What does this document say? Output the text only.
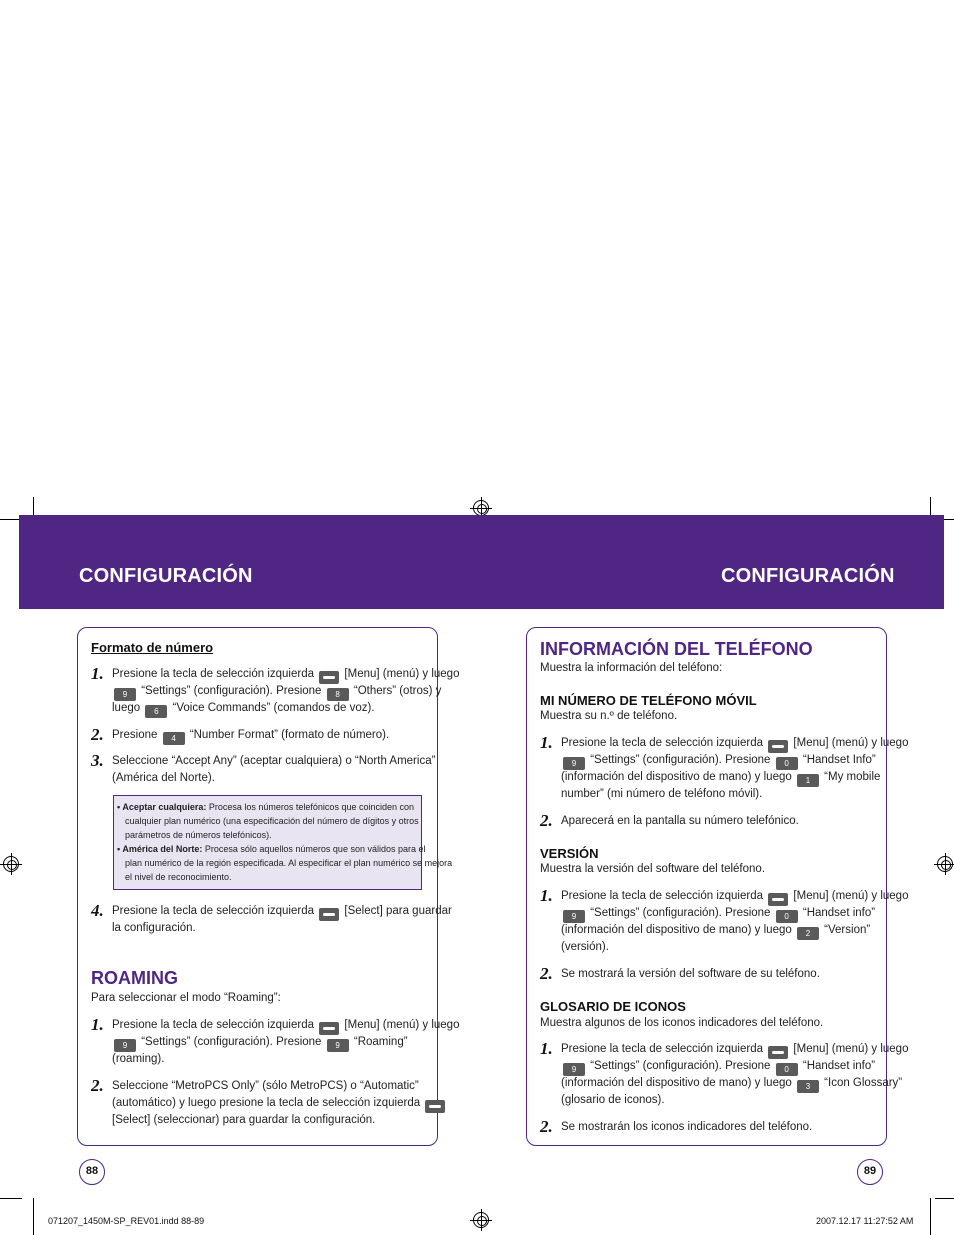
CONFIGURACIÓN	CONFIGURACIÓN
Formato de número
1. Presione la tecla de selección izquierda	[Menu] (menú) y luego
9 “Settings” (configuración). Presione 8 “Others” (otros) y
luego 6 “Voice Commands” (comandos de voz).
2. Presione 4 “Number Format” (formato de número).
3. Seleccione “Accept Any” (aceptar cualquiera) o “North America”
(América del Norte).
• Aceptar cualquiera: Procesa los números telefónicos que coinciden con
cualquier plan numérico (una especificación del número de dígitos y otros
parámetros de números telefónicos).
• América del Norte: Procesa sólo aquellos números que son válidos para el
plan numérico de la región especificada. Al especificar el plan numérico se mejora
el nivel de reconocimiento.
4. Presione la tecla de selección izquierda	[Select] para guardar
la configuración.
ROAMING
Para seleccionar el modo “Roaming”:
1. Presione la tecla de selección izquierda	[Menu] (menú) y luego
9 “Settings” (configuración). Presione 9 “Roaming”
(roaming).
2. Seleccione “MetroPCS Only” (sólo MetroPCS) o “Automatic”
(automático) y luego presione la tecla de selección izquierda
[Select] (seleccionar) para guardar la configuración.
88
INFORMACIÓN DEL TELÉFONO
Muestra la información del teléfono:
MI NÚMERO DE TELÉFONO MÓVIL
Muestra su n.º de teléfono.
1. Presione la tecla de selección izquierda	[Menu] (menú) y luego
9 “Settings” (configuración). Presione 0 “Handset Info”
(información del dispositivo de mano) y luego 1 “My mobile
number” (mi número de teléfono móvil).
2. Aparecerá en la pantalla su número telefónico.
VERSIÓN
Muestra la versión del software del teléfono.
1. Presione la tecla de selección izquierda	[Menu] (menú) y luego
9 “Settings” (configuración). Presione 0 “Handset info”
(información del dispositivo de mano) y luego 2 “Version”
(versión).
2. Se mostrará la versión del software de su teléfono.
GLOSARIO DE ICONOS
Muestra algunos de los iconos indicadores del teléfono.
1. Presione la tecla de selección izquierda	[Menu] (menú) y luego
9 “Settings” (configuración). Presione 0 “Handset info”
(información del dispositivo de mano) y luego 3 “Icon Glossary”
(glosario de iconos).
2. Se mostrarán los iconos indicadores del teléfono.
89
071207_1450M-SP_REV01.indd 88-89	2007.12.17 11:27:52 AM
